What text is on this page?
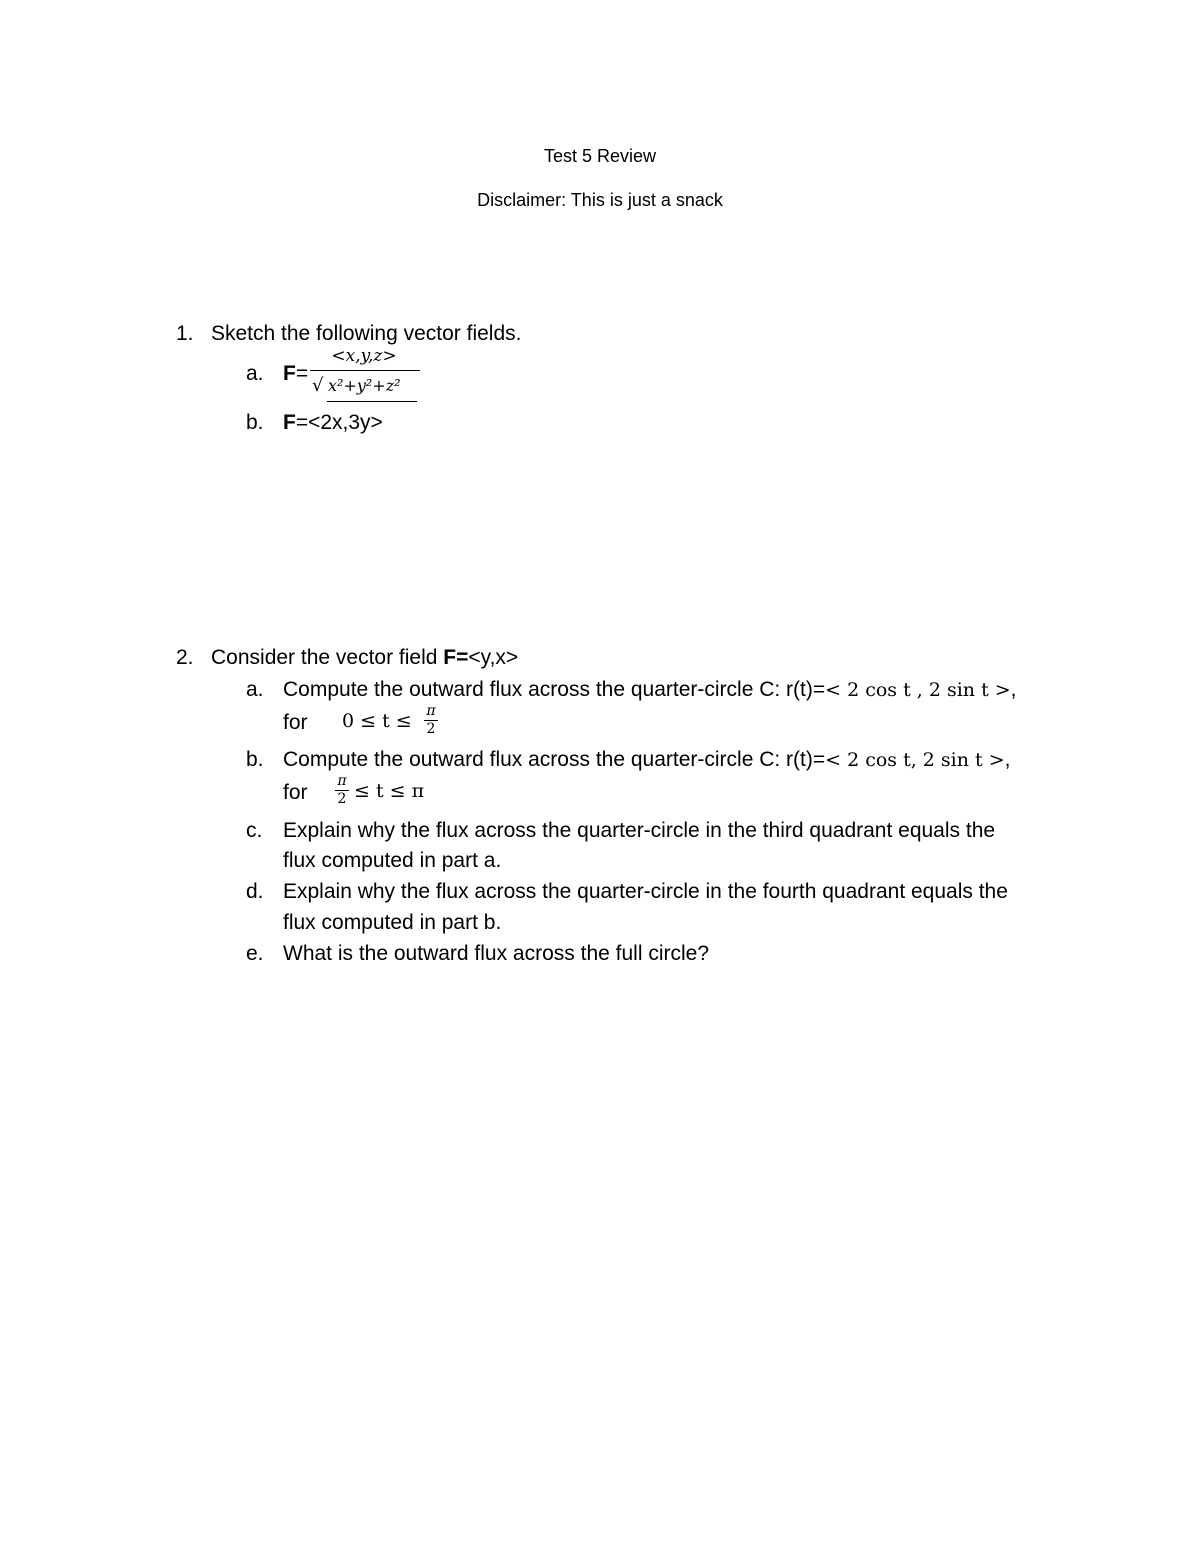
Test 5 Review
Disclaimer: This is just a snack
1. Sketch the following vector fields.
a. F=
<x,y,z>
√ x²+y²+z²
b. F=<2x,3y>
2. Consider the vector field F=<y,x>
a. Compute the outward flux across the quarter-circle C: r(t)=< 2 cos t , 2 sin t >,
for 0 ≤ t ≤	π
2
b. Compute the outward flux across the quarter-circle C: r(t)=< 2 cos t, 2 sin t >,
for	π
2 ≤ t ≤ π
c. Explain why the flux across the quarter-circle in the third quadrant equals the
flux computed in part a.
d. Explain why the flux across the quarter-circle in the fourth quadrant equals the
flux computed in part b.
e. What is the outward flux across the full circle?
